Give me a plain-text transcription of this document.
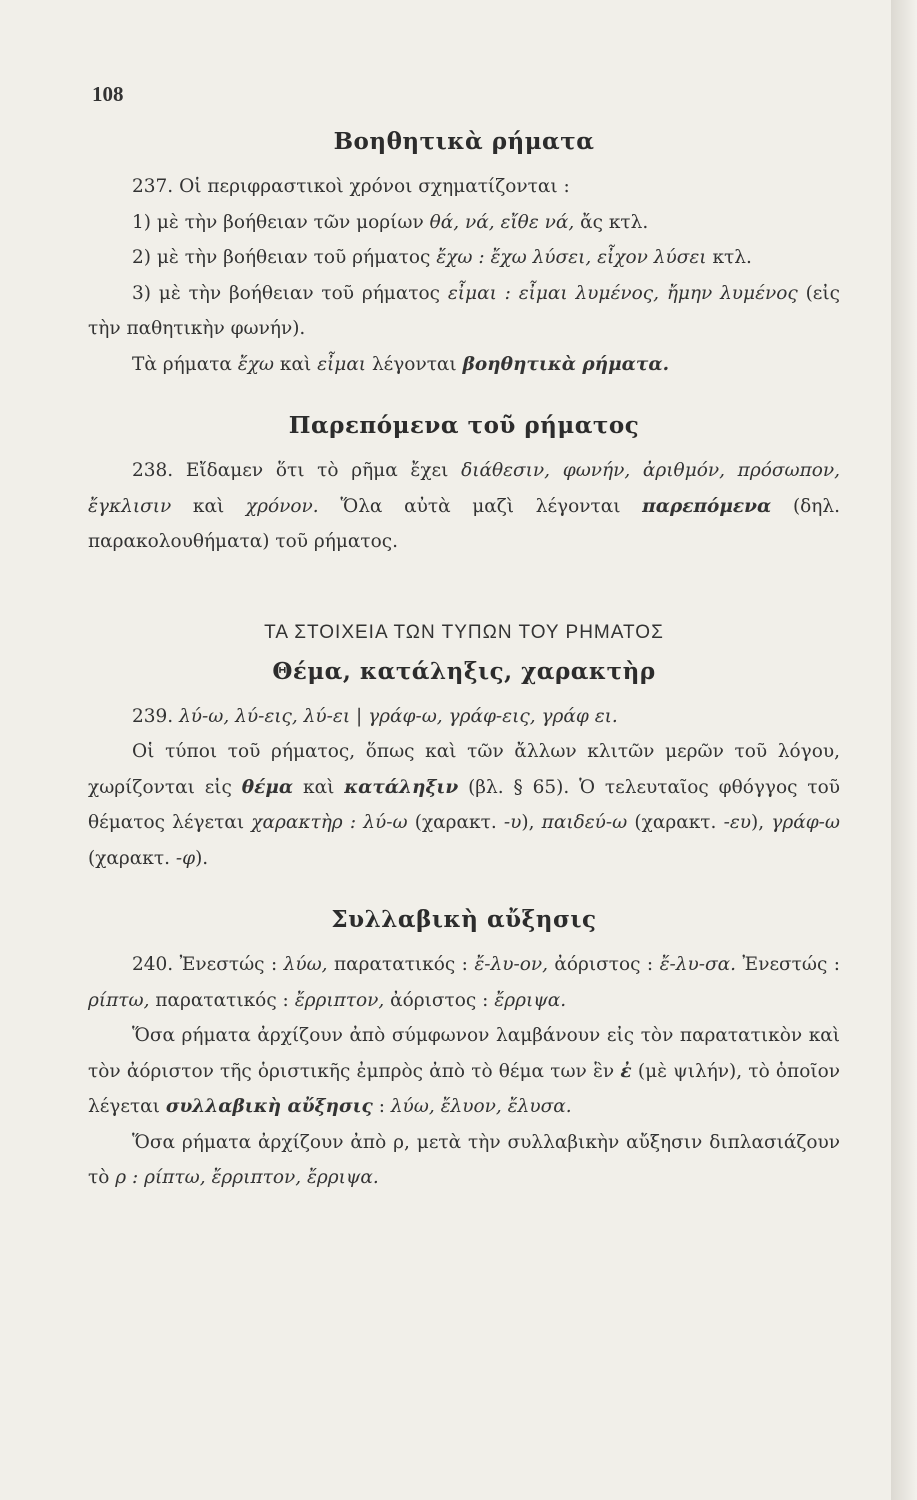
108
Βοηθητικὰ ρήματα

237. Οἱ περιφραστικοὶ χρόνοι σχηματίζονται :

1) μὲ τὴν βοήθειαν τῶν μορίων θά, νά, εἴθε νά, ἄς κτλ.

2) μὲ τὴν βοήθειαν τοῦ ρήματος ἔχω : ἔχω λύσει, εἶχον λύσει κτλ.

3) μὲ τὴν βοήθειαν τοῦ ρήματος εἶμαι : εἶμαι λυμένος, ἤμην λυμένος (εἰς τὴν παθητικὴν φωνήν).

Τὰ ρήματα ἔχω καὶ εἶμαι λέγονται βοηθητικὰ ρήματα.

Παρεπόμενα τοῦ ρήματος

238. Εἴδαμεν ὅτι τὸ ρῆμα ἔχει διάθεσιν, φωνήν, ἀριθμόν, πρόσωπον, ἔγκλισιν καὶ χρόνον. Ὅλα αὐτὰ μαζὶ λέγονται παρεπόμενα (δηλ. παρακολουθήματα) τοῦ ρήματος.

ΤΑ ΣΤΟΙΧΕΙΑ ΤΩΝ ΤΥΠΩΝ ΤΟΥ ΡΗΜΑΤΟΣ
Θέμα, κατάληξις, χαρακτὴρ

239. λύ-ω, λύ-εις, λύ-ει | γράφ-ω, γράφ-εις, γράφ ει.

Οἱ τύποι τοῦ ρήματος, ὅπως καὶ τῶν ἄλλων κλιτῶν μερῶν τοῦ λόγου, χωρίζονται εἰς θέμα καὶ κατάληξιν (βλ. § 65). Ὁ τελευταῖος φθόγγος τοῦ θέματος λέγεται χαρακτὴρ : λύ-ω (χαρακτ. -υ), παιδεύ-ω (χαρακτ. -ευ), γράφ-ω (χαρακτ. -φ).

Συλλαβικὴ αὔξησις

240. Ἐνεστώς : λύω, παρατατικός : ἔ-λυ-ον, ἀόριστος : ἔ-λυ-σα. Ἐνεστώς : ρίπτω, παρατατικός : ἔρριπτον, ἀόριστος : ἔρριψα.

Ὅσα ρήματα ἀρχίζουν ἀπὸ σύμφωνον λαμβάνουν εἰς τὸν παρατατικὸν καὶ τὸν ἀόριστον τῆς ὁριστικῆς ἐμπρὸς ἀπὸ τὸ θέμα των ἓν ἐ (μὲ ψιλήν), τὸ ὁποῖον λέγεται συλλαβικὴ αὔξησις : λύω, ἔλυον, ἔλυσα.

Ὅσα ρήματα ἀρχίζουν ἀπὸ ρ, μετὰ τὴν συλλαβικὴν αὔξησιν διπλασιάζουν τὸ ρ : ρίπτω, ἔρριπτον, ἔρριψα.
